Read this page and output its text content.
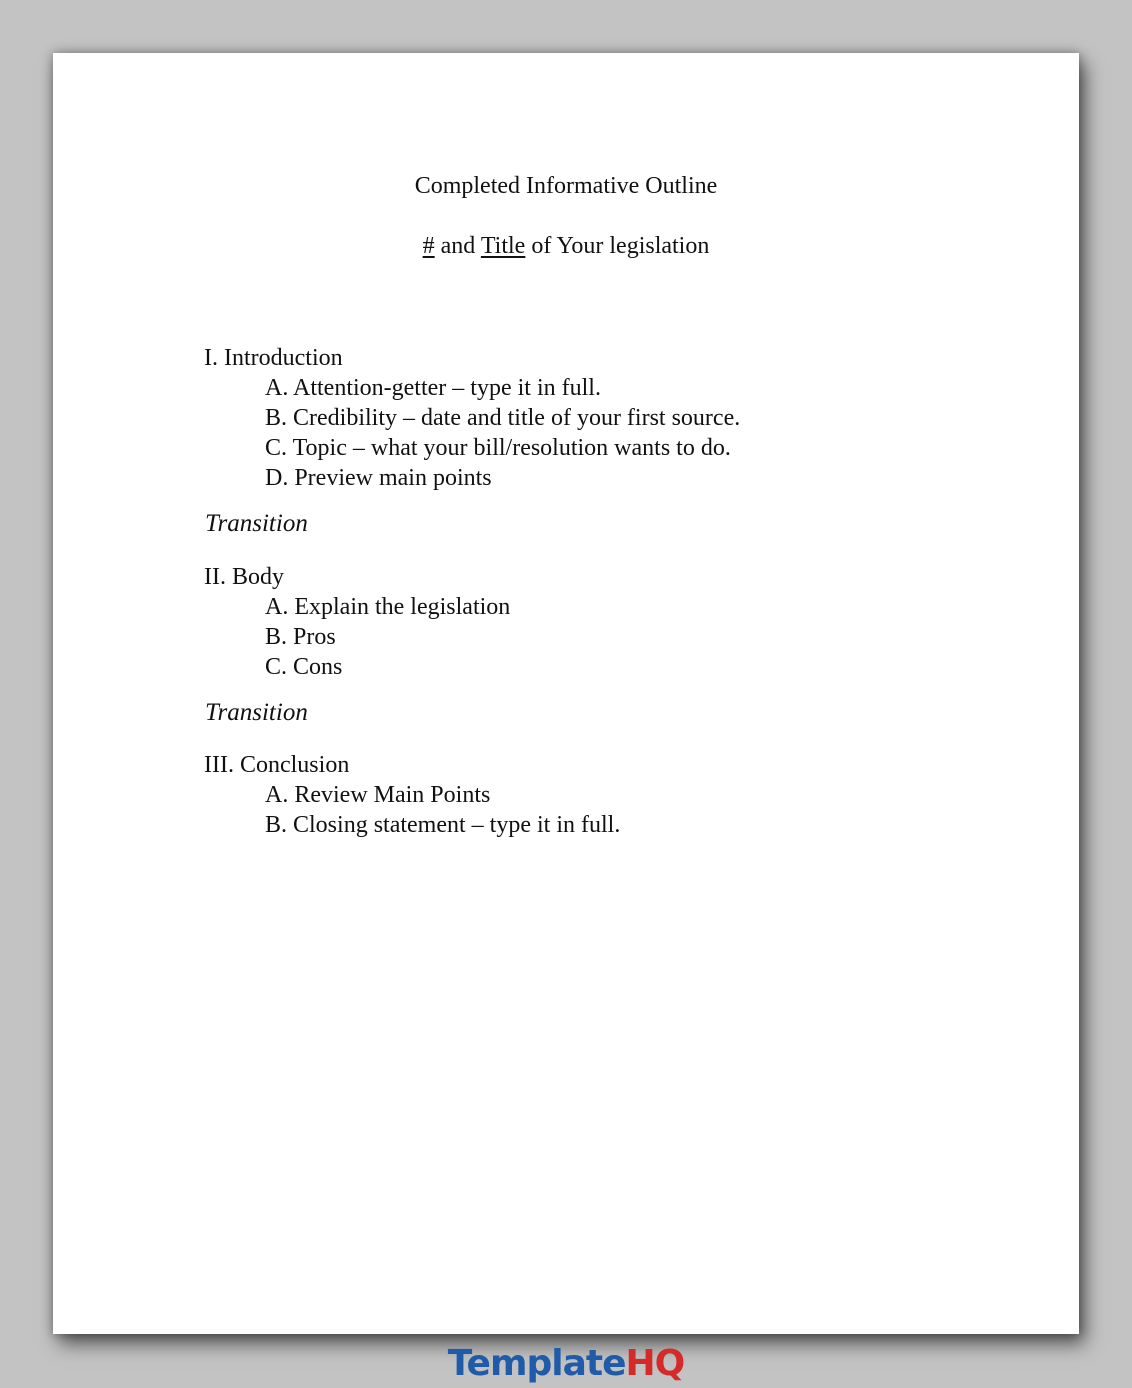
Completed Informative Outline
# and Title of Your legislation

I. Introduction

A. Attention-getter – type it in full.

B. Credibility – date and title of your first source.

C. Topic – what your bill/resolution wants to do.

D. Preview main points

Transition

II. Body

A. Explain the legislation

B. Pros

C. Cons

Transition

III. Conclusion

A. Review Main Points

B. Closing statement – type it in full.

TemplateHQ
